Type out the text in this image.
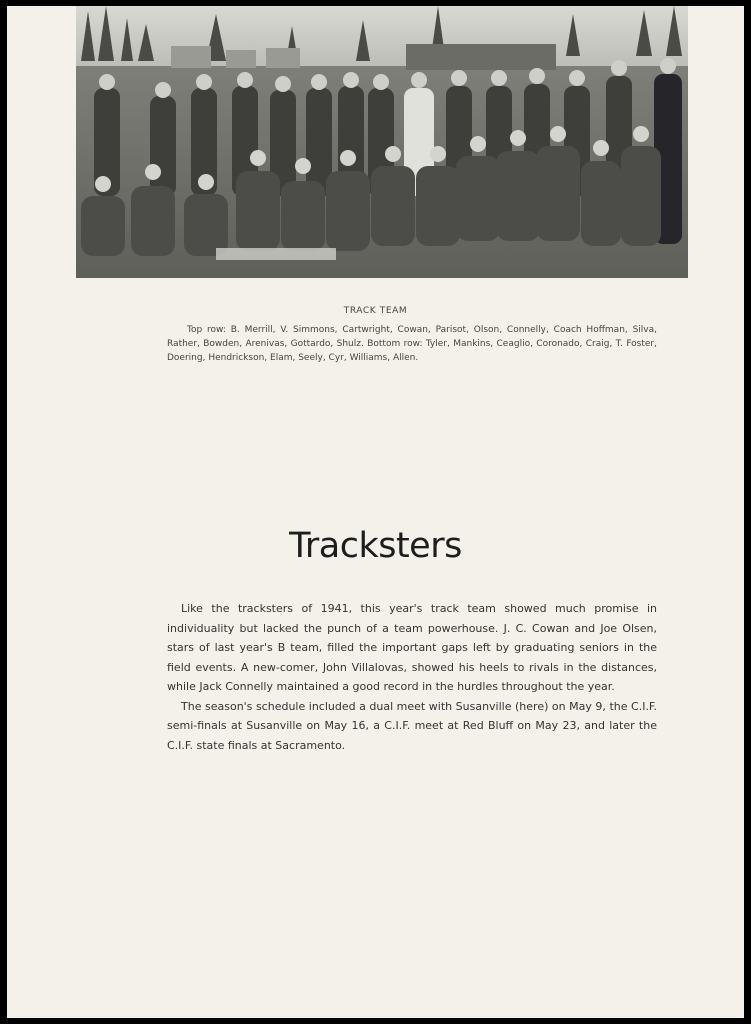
TRACK TEAM
Top row: B. Merrill, V. Simmons, Cartwright, Cowan, Parisot, Olson, Connelly, Coach Hoffman, Silva, Rather, Bowden, Arenivas, Gottardo, Shulz. Bottom row: Tyler, Mankins, Ceaglio, Coronado, Craig, T. Foster, Doering, Hendrickson, Elam, Seely, Cyr, Williams, Allen.
Tracksters

Like the tracksters of 1941, this year's track team showed much promise in individuality but lacked the punch of a team powerhouse. J. C. Cowan and Joe Olsen, stars of last year's B team, filled the important gaps left by graduating seniors in the field events. A new-comer, John Villalovas, showed his heels to rivals in the distances, while Jack Connelly maintained a good record in the hurdles throughout the year.

The season's schedule included a dual meet with Susanville (here) on May 9, the C.I.F. semi-finals at Susanville on May 16, a C.I.F. meet at Red Bluff on May 23, and later the C.I.F. state finals at Sacramento.
